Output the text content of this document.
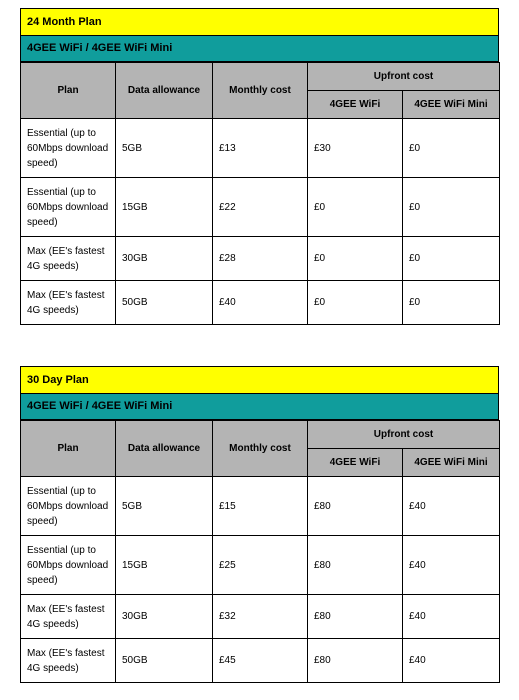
24 Month Plan
4GEE WiFi / 4GEE WiFi Mini
Plan	Data allowance	Monthly cost	Upfront cost	
			4GEE WiFi	4GEE WiFi Mini
Essential (up to 60Mbps download speed)	5GB	£13	£30	£0
Essential (up to 60Mbps download speed)	15GB	£22	£0	£0
Max (EE's fastest 4G speeds)	30GB	£28	£0	£0
Max (EE's fastest 4G speeds)	50GB	£40	£0	£0
30 Day Plan
4GEE WiFi / 4GEE WiFi Mini
Plan	Data allowance	Monthly cost	Upfront cost	
			4GEE WiFi	4GEE WiFi Mini
Essential (up to 60Mbps download speed)	5GB	£15	£80	£40
Essential (up to 60Mbps download speed)	15GB	£25	£80	£40
Max (EE's fastest 4G speeds)	30GB	£32	£80	£40
Max (EE's fastest 4G speeds)	50GB	£45	£80	£40
